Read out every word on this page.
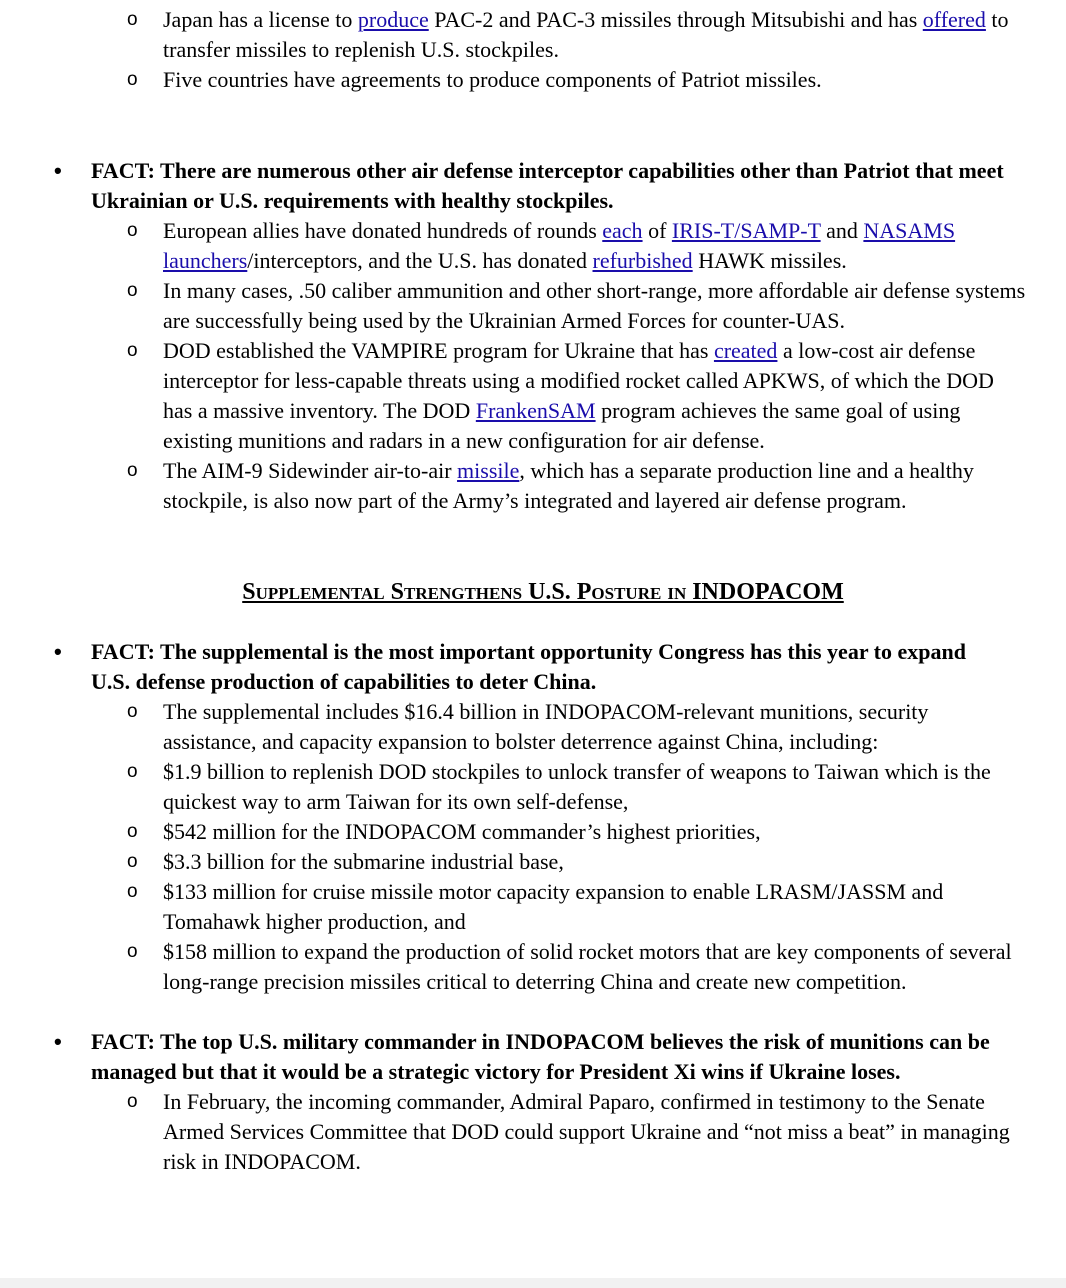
o Japan has a license to produce PAC-2 and PAC-3 missiles through Mitsubishi and has offered to transfer missiles to replenish U.S. stockpiles.
o Five countries have agreements to produce components of Patriot missiles.
• FACT: There are numerous other air defense interceptor capabilities other than Patriot that meet Ukrainian or U.S. requirements with healthy stockpiles.
o European allies have donated hundreds of rounds each of IRIS-T/SAMP-T and NASAMS launchers/interceptors, and the U.S. has donated refurbished HAWK missiles.
o In many cases, .50 caliber ammunition and other short-range, more affordable air defense systems are successfully being used by the Ukrainian Armed Forces for counter-UAS.
o DOD established the VAMPIRE program for Ukraine that has created a low-cost air defense interceptor for less-capable threats using a modified rocket called APKWS, of which the DOD has a massive inventory. The DOD FrankenSAM program achieves the same goal of using existing munitions and radars in a new configuration for air defense.
o The AIM-9 Sidewinder air-to-air missile, which has a separate production line and a healthy stockpile, is also now part of the Army’s integrated and layered air defense program.
Supplemental Strengthens U.S. Posture in INDOPACOM
• FACT: The supplemental is the most important opportunity Congress has this year to expand U.S. defense production of capabilities to deter China.
o The supplemental includes $16.4 billion in INDOPACOM-relevant munitions, security assistance, and capacity expansion to bolster deterrence against China, including:
o $1.9 billion to replenish DOD stockpiles to unlock transfer of weapons to Taiwan which is the quickest way to arm Taiwan for its own self-defense,
o $542 million for the INDOPACOM commander’s highest priorities,
o $3.3 billion for the submarine industrial base,
o $133 million for cruise missile motor capacity expansion to enable LRASM/JASSM and Tomahawk higher production, and
o $158 million to expand the production of solid rocket motors that are key components of several long-range precision missiles critical to deterring China and create new competition.
• FACT: The top U.S. military commander in INDOPACOM believes the risk of munitions can be managed but that it would be a strategic victory for President Xi wins if Ukraine loses.
o In February, the incoming commander, Admiral Paparo, confirmed in testimony to the Senate Armed Services Committee that DOD could support Ukraine and “not miss a beat” in managing risk in INDOPACOM.
